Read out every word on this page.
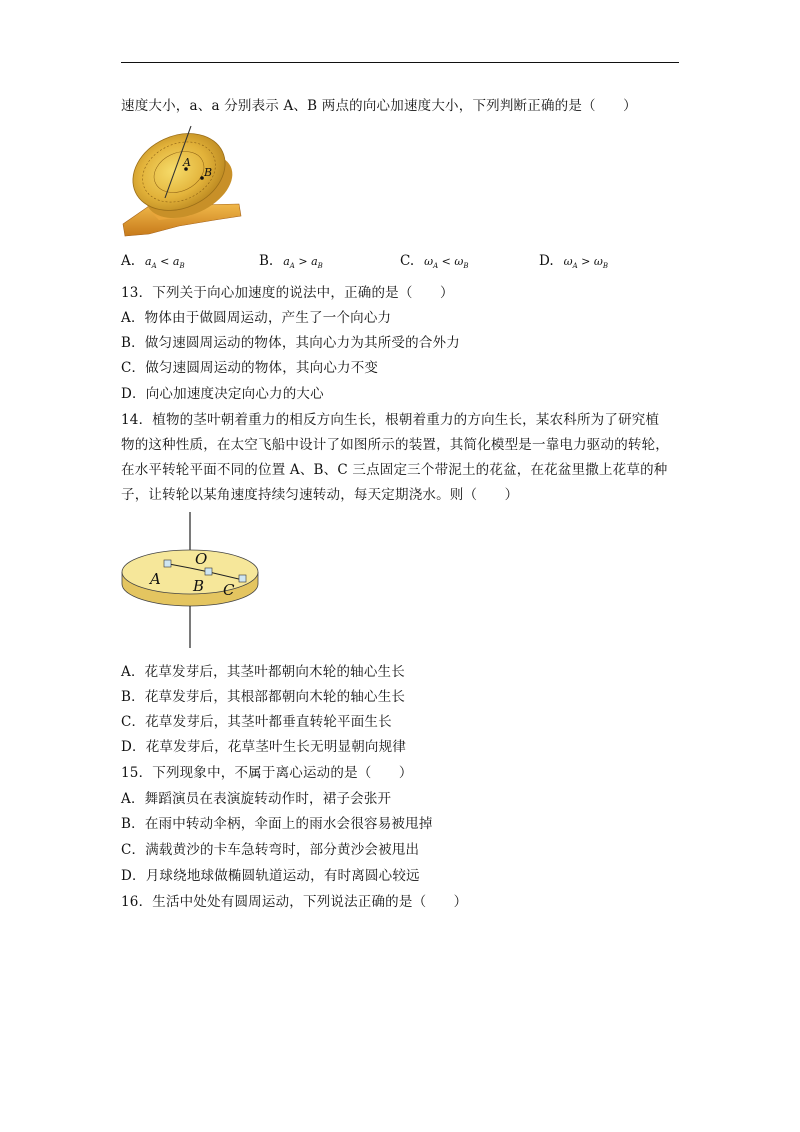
速度大小，a、a 分别表示 A、B 两点的向心加速度大小，下列判断正确的是（　　）
A
B
A. $a_A < a_B$	B. $a_A > a_B$	C. $\omega_A < \omega_B$	D. $\omega_A > \omega_B$
13．下列关于向心加速度的说法中，正确的是（　　）
A．物体由于做圆周运动，产生了一个向心力
B．做匀速圆周运动的物体，其向心力为其所受的合外力
C．做匀速圆周运动的物体，其向心力不变
D．向心加速度决定向心力的大心
14．植物的茎叶朝着重力的相反方向生长，根朝着重力的方向生长，某农科所为了研究植
物的这种性质，在太空飞船中设计了如图所示的装置，其简化模型是一靠电力驱动的转轮，
在水平转轮平面不同的位置 A、B、C 三点固定三个带泥土的花盆，在花盆里撒上花草的种
子，让转轮以某角速度持续匀速转动，每天定期浇水。则（　　）
O
A B C
A．花草发芽后，其茎叶都朝向木轮的轴心生长
B．花草发芽后，其根部都朝向木轮的轴心生长
C．花草发芽后，其茎叶都垂直转轮平面生长
D．花草发芽后，花草茎叶生长无明显朝向规律
15．下列现象中，不属于离心运动的是（　　）
A．舞蹈演员在表演旋转动作时，裙子会张开
B．在雨中转动伞柄，伞面上的雨水会很容易被甩掉
C．满载黄沙的卡车急转弯时，部分黄沙会被甩出
D．月球绕地球做椭圆轨道运动，有时离圆心较远
16．生活中处处有圆周运动，下列说法正确的是（　　）
